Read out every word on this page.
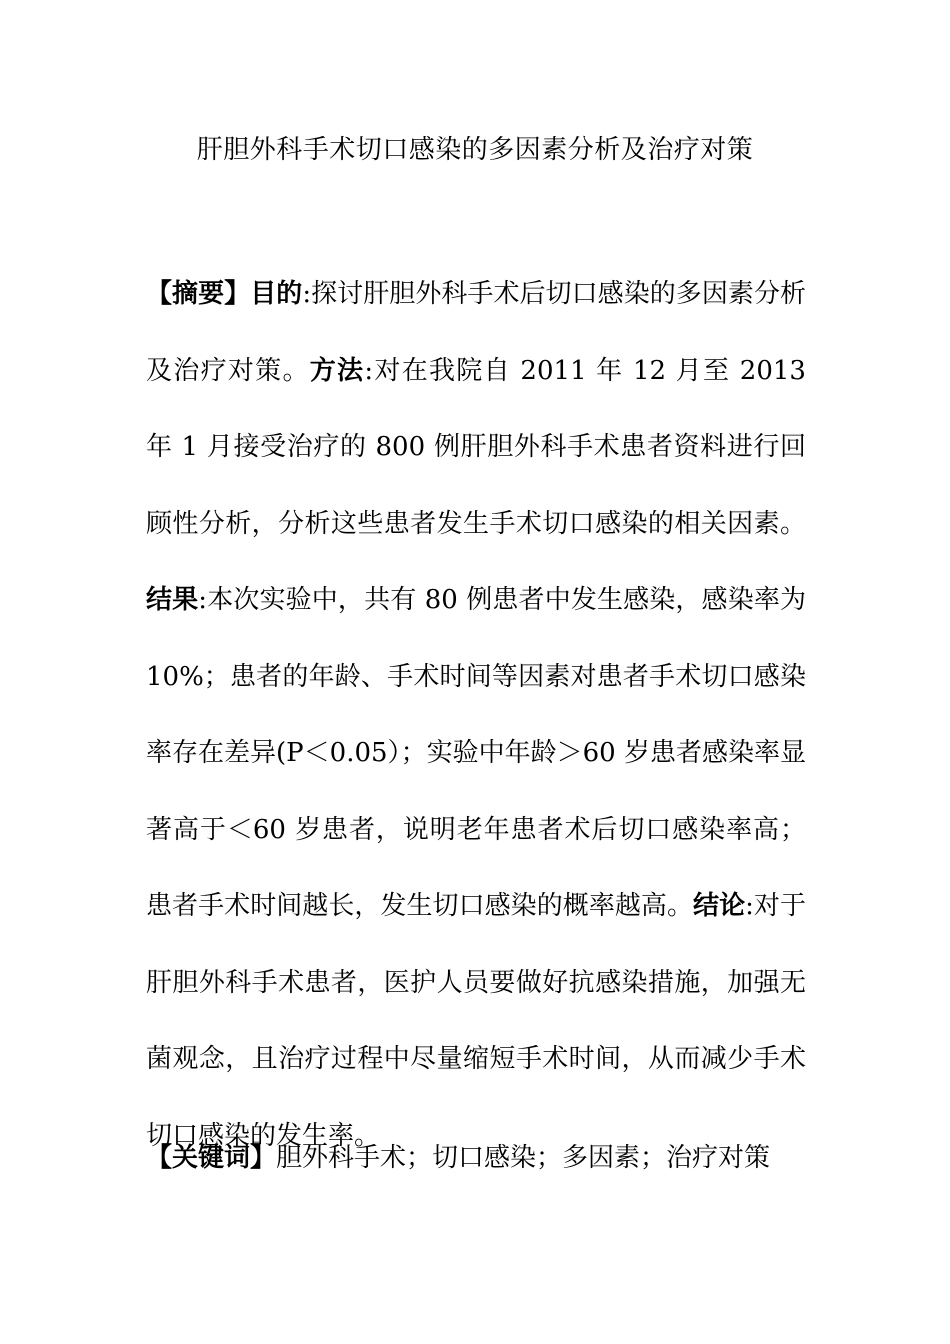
肝胆外科手术切口感染的多因素分析及治疗对策
【摘要】目的:探讨肝胆外科手术后切口感染的多因素分析及治疗对策。方法:对在我院自 2011 年 12 月至 2013 年 1 月接受治疗的 800 例肝胆外科手术患者资料进行回顾性分析，分析这些患者发生手术切口感染的相关因素。结果:本次实验中，共有 80 例患者中发生感染，感染率为 10%；患者的年龄、手术时间等因素对患者手术切口感染率存在差异(P＜0.05）；实验中年龄＞60 岁患者感染率显著高于＜60 岁患者，说明老年患者术后切口感染率高；患者手术时间越长，发生切口感染的概率越高。结论:对于肝胆外科手术患者，医护人员要做好抗感染措施，加强无菌观念，且治疗过程中尽量缩短手术时间，从而减少手术切口感染的发生率。
【关键词】胆外科手术；切口感染；多因素；治疗对策
